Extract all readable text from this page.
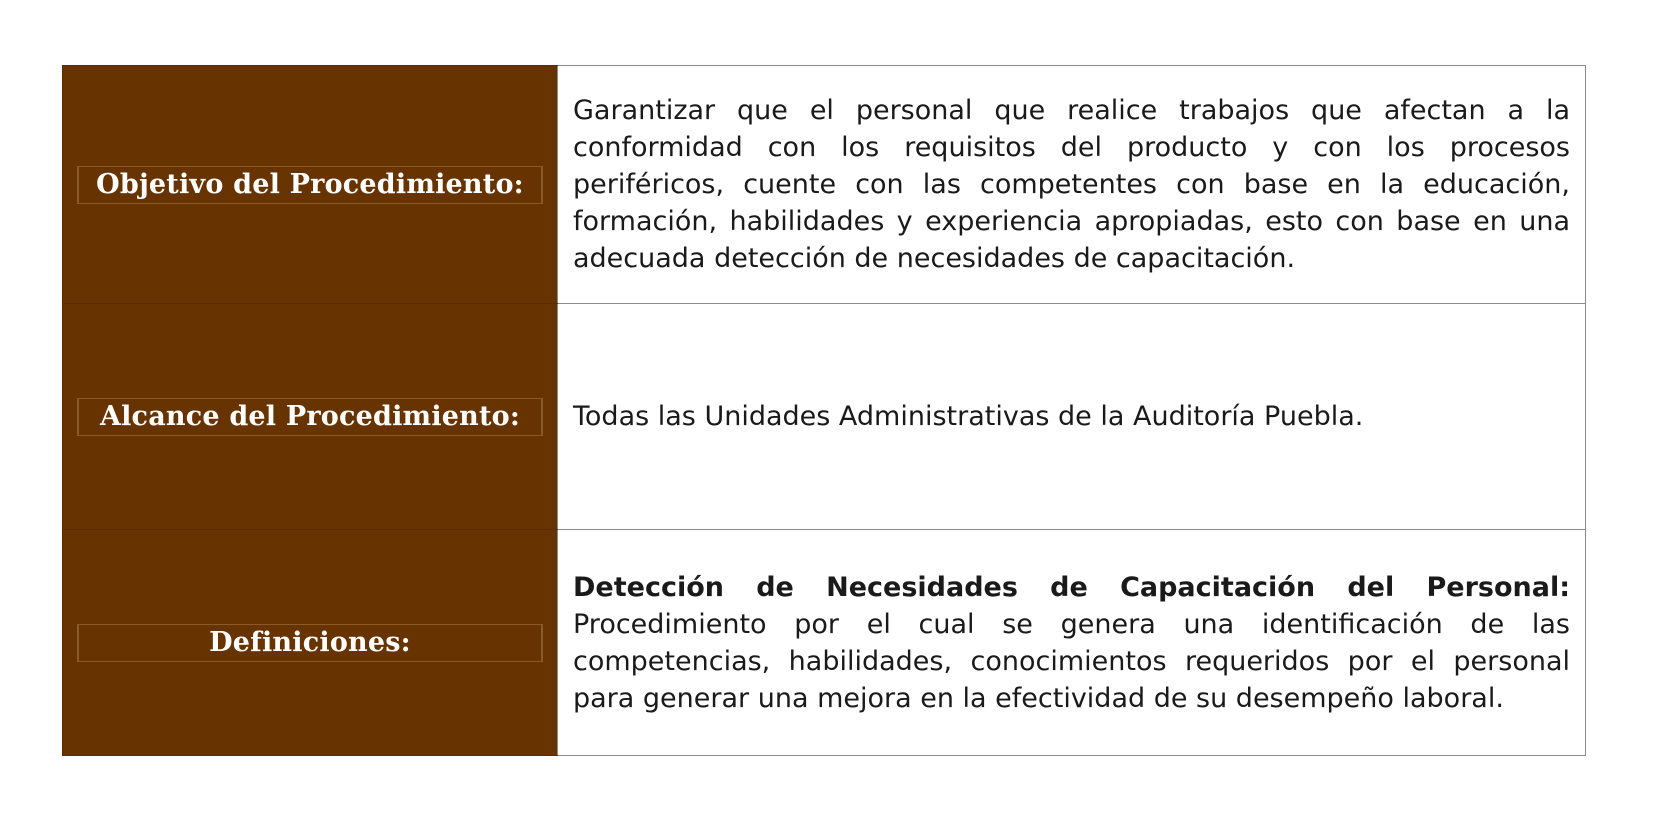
Objetivo del Procedimiento:	Garantizar que el personal que realice trabajos que afectan a la conformidad con los requisitos del producto y con los procesos periféricos, cuente con las competentes con base en la educación, formación, habilidades y experiencia apropiadas, esto con base en una adecuada detección de necesidades de capacitación.

Alcance del Procedimiento:	Todas las Unidades Administrativas de la Auditoría Puebla.

Definiciones:	Detección de Necesidades de Capacitación del Personal: Procedimiento por el cual se genera una identificación de las competencias, habilidades, conocimientos requeridos por el personal para generar una mejora en la efectividad de su desempeño laboral.
